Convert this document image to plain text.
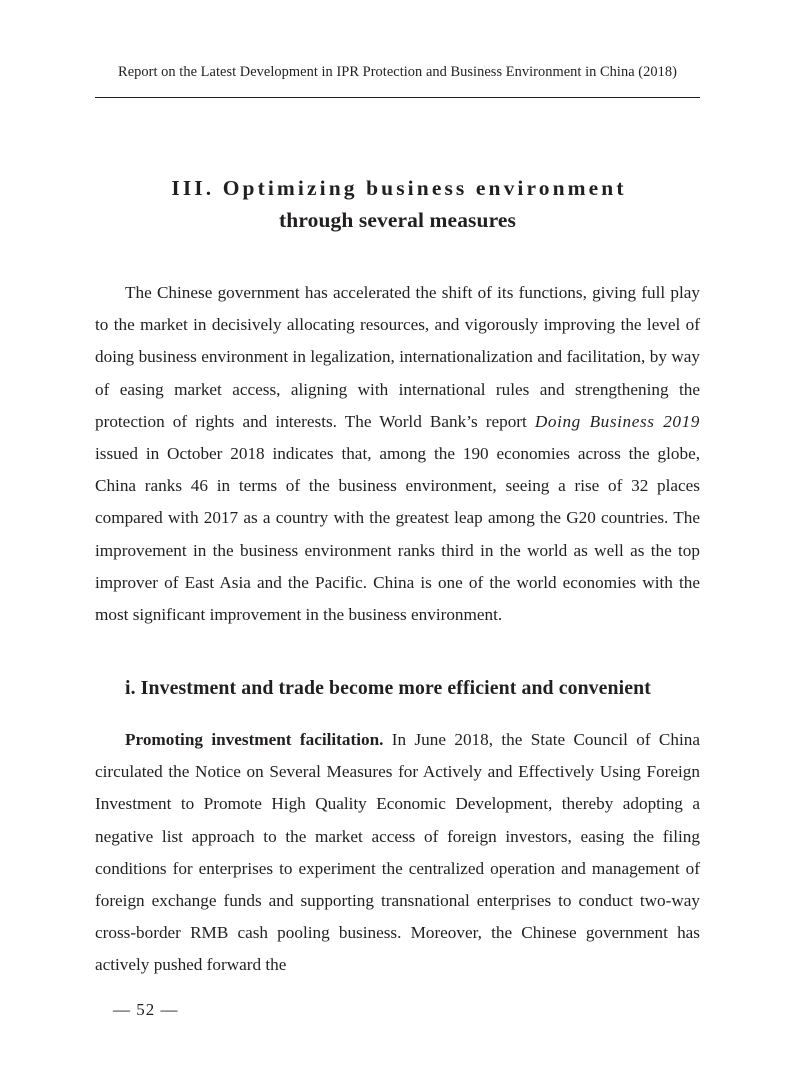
Report on the Latest Development in IPR Protection and Business Environment in China (2018)
III. Optimizing business environment
through several measures

The Chinese government has accelerated the shift of its functions, giving full play to the market in decisively allocating resources, and vigorously improving the level of doing business environment in legalization, internationalization and facilitation, by way of easing market access, aligning with international rules and strengthening the protection of rights and interests. The World Bank’s report Doing Business 2019 issued in October 2018 indicates that, among the 190 economies across the globe, China ranks 46 in terms of the business environment, seeing a rise of 32 places compared with 2017 as a country with the greatest leap among the G20 countries. The improvement in the business environment ranks third in the world as well as the top improver of East Asia and the Pacific. China is one of the world economies with the most significant improvement in the business environment.

i. Investment and trade become more efficient and convenient

Promoting investment facilitation. In June 2018, the State Council of China circulated the Notice on Several Measures for Actively and Effectively Using Foreign Investment to Promote High Quality Economic Development, thereby adopting a negative list approach to the market access of foreign investors, easing the filing conditions for enterprises to experiment the centralized operation and management of foreign exchange funds and supporting transnational enterprises to conduct two-way cross-border RMB cash pooling business. Moreover, the Chinese government has actively pushed forward the

— 52 —
